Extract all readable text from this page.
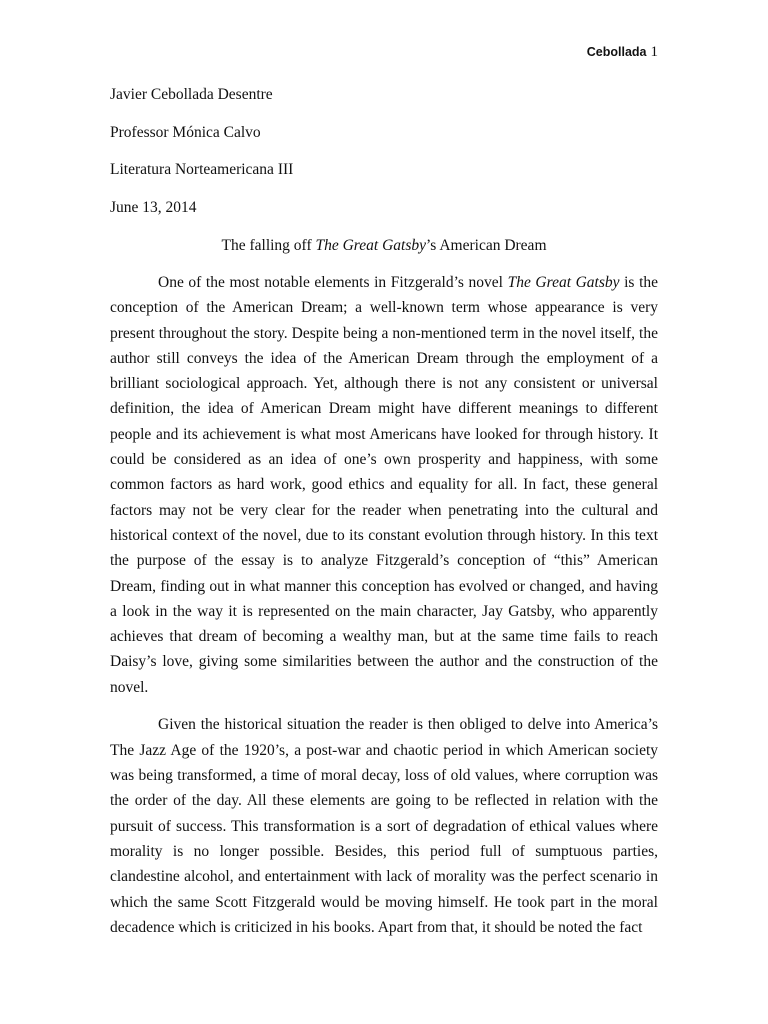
Cebollada 1

Javier Cebollada Desentre

Professor Mónica Calvo

Literatura Norteamericana III

June 13, 2014

The falling off The Great Gatsby’s American Dream

One of the most notable elements in Fitzgerald’s novel The Great Gatsby is the conception of the American Dream; a well-known term whose appearance is very present throughout the story. Despite being a non-mentioned term in the novel itself, the author still conveys the idea of the American Dream through the employment of a brilliant sociological approach. Yet, although there is not any consistent or universal definition, the idea of American Dream might have different meanings to different people and its achievement is what most Americans have looked for through history. It could be considered as an idea of one’s own prosperity and happiness, with some common factors as hard work, good ethics and equality for all. In fact, these general factors may not be very clear for the reader when penetrating into the cultural and historical context of the novel, due to its constant evolution through history. In this text the purpose of the essay is to analyze Fitzgerald’s conception of “this” American Dream, finding out in what manner this conception has evolved or changed, and having a look in the way it is represented on the main character, Jay Gatsby, who apparently achieves that dream of becoming a wealthy man, but at the same time fails to reach Daisy’s love, giving some similarities between the author and the construction of the novel.

Given the historical situation the reader is then obliged to delve into America’s The Jazz Age of the 1920’s, a post-war and chaotic period in which American society was being transformed, a time of moral decay, loss of old values, where corruption was the order of the day. All these elements are going to be reflected in relation with the pursuit of success. This transformation is a sort of degradation of ethical values where morality is no longer possible. Besides, this period full of sumptuous parties, clandestine alcohol, and entertainment with lack of morality was the perfect scenario in which the same Scott Fitzgerald would be moving himself. He took part in the moral decadence which is criticized in his books. Apart from that, it should be noted the fact
